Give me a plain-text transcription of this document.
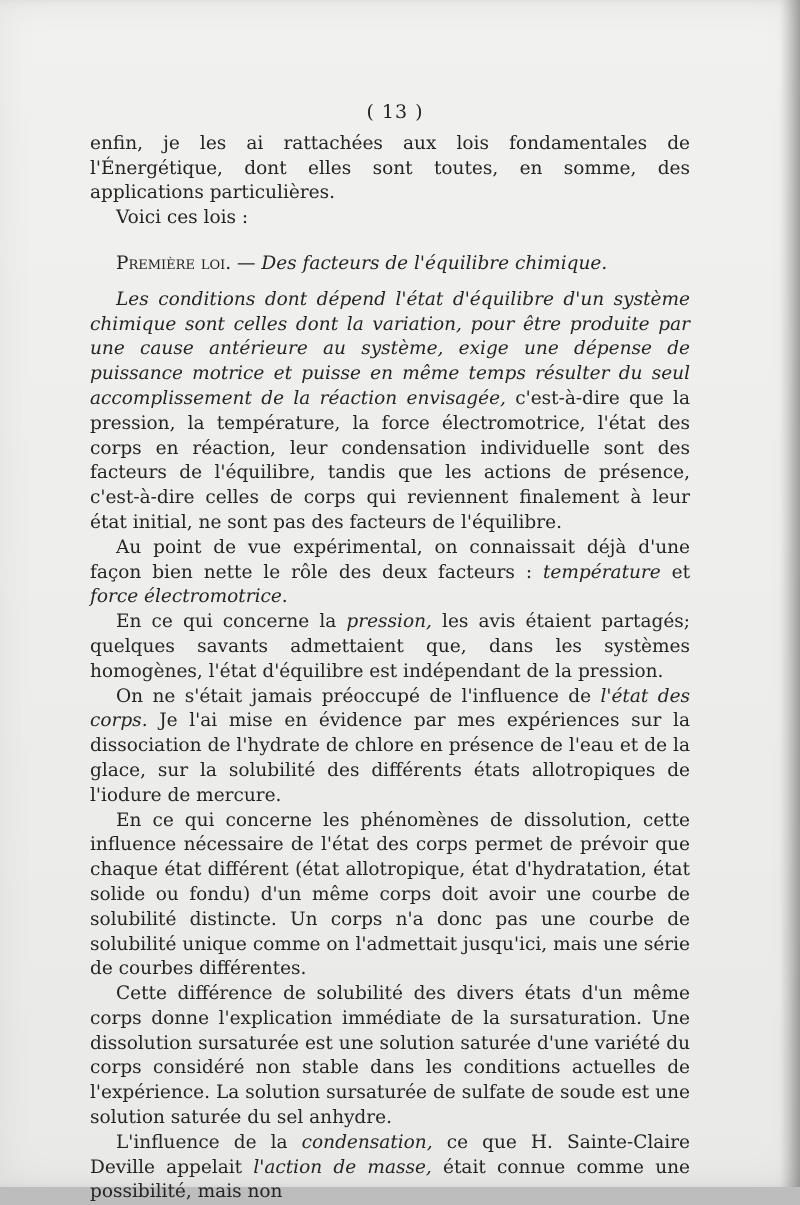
( 13 )

enfin, je les ai rattachées aux lois fondamentales de l'Énergétique, dont elles sont toutes, en somme, des applications particulières.

Voici ces lois :

Première loi. — Des facteurs de l'équilibre chimique.

Les conditions dont dépend l'état d'équilibre d'un système chimique sont celles dont la variation, pour être produite par une cause antérieure au système, exige une dépense de puissance motrice et puisse en même temps résulter du seul accomplissement de la réaction envisagée, c'est-à-dire que la pression, la température, la force électromotrice, l'état des corps en réaction, leur condensation individuelle sont des facteurs de l'équilibre, tandis que les actions de présence, c'est-à-dire celles de corps qui reviennent finalement à leur état initial, ne sont pas des facteurs de l'équilibre.

Au point de vue expérimental, on connaissait déjà d'une façon bien nette le rôle des deux facteurs : température et force électromotrice.

En ce qui concerne la pression, les avis étaient partagés; quelques savants admettaient que, dans les systèmes homogènes, l'état d'équilibre est indépendant de la pression.

On ne s'était jamais préoccupé de l'influence de l'état des corps. Je l'ai mise en évidence par mes expériences sur la dissociation de l'hydrate de chlore en présence de l'eau et de la glace, sur la solubilité des différents états allotropiques de l'iodure de mercure.

En ce qui concerne les phénomènes de dissolution, cette influence nécessaire de l'état des corps permet de prévoir que chaque état différent (état allotropique, état d'hydratation, état solide ou fondu) d'un même corps doit avoir une courbe de solubilité distincte. Un corps n'a donc pas une courbe de solubilité unique comme on l'admettait jusqu'ici, mais une série de courbes différentes.

Cette différence de solubilité des divers états d'un même corps donne l'explication immédiate de la sursaturation. Une dissolution sursaturée est une solution saturée d'une variété du corps considéré non stable dans les conditions actuelles de l'expérience. La solution sursaturée de sulfate de soude est une solution saturée du sel anhydre.

L'influence de la condensation, ce que H. Sainte-Claire Deville appelait l'action de masse, était connue comme une possibilité, mais non
